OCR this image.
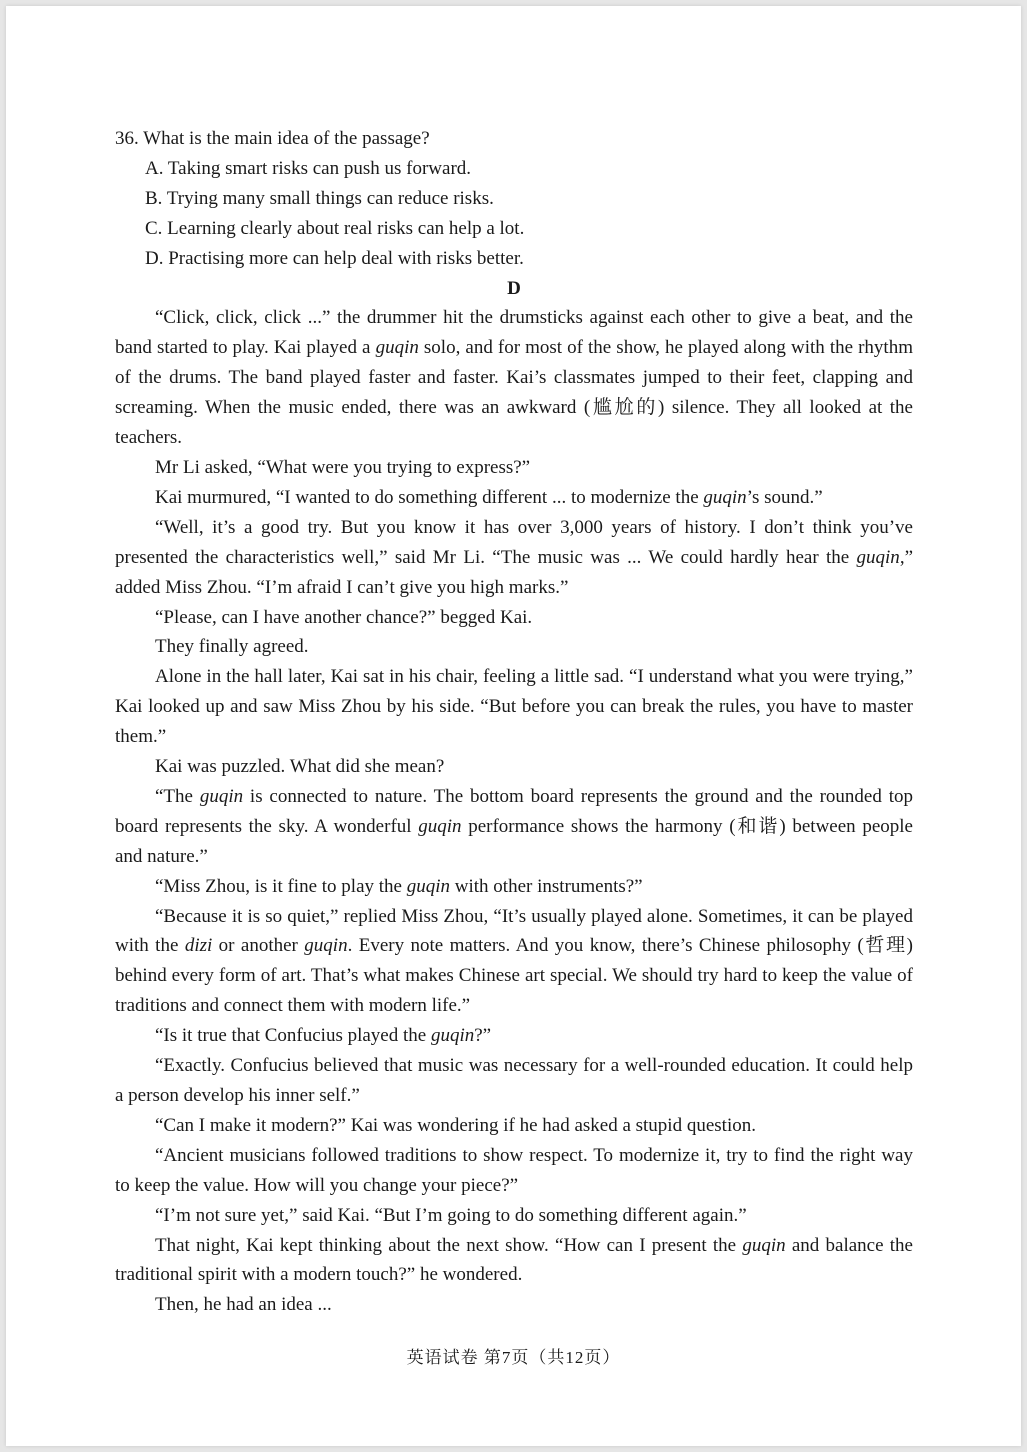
36. What is the main idea of the passage?

A. Taking smart risks can push us forward.
B. Trying many small things can reduce risks.
C. Learning clearly about real risks can help a lot.
D. Practising more can help deal with risks better.

D

“Click, click, click ...” the drummer hit the drumsticks against each other to give a beat, and the band started to play. Kai played a guqin solo, and for most of the show, he played along with the rhythm of the drums. The band played faster and faster. Kai’s classmates jumped to their feet, clapping and screaming. When the music ended, there was an awkward (尴尬的) silence. They all looked at the teachers.

Mr Li asked, “What were you trying to express?”

Kai murmured, “I wanted to do something different ... to modernize the guqin’s sound.”

“Well, it’s a good try. But you know it has over 3,000 years of history. I don’t think you’ve presented the characteristics well,” said Mr Li. “The music was ... We could hardly hear the guqin,” added Miss Zhou. “I’m afraid I can’t give you high marks.”

“Please, can I have another chance?” begged Kai.

They finally agreed.

Alone in the hall later, Kai sat in his chair, feeling a little sad. “I understand what you were trying,” Kai looked up and saw Miss Zhou by his side. “But before you can break the rules, you have to master them.”

Kai was puzzled. What did she mean?

“The guqin is connected to nature. The bottom board represents the ground and the rounded top board represents the sky. A wonderful guqin performance shows the harmony (和谐) between people and nature.”

“Miss Zhou, is it fine to play the guqin with other instruments?”

“Because it is so quiet,” replied Miss Zhou, “It’s usually played alone. Sometimes, it can be played with the dizi or another guqin. Every note matters. And you know, there’s Chinese philosophy (哲理) behind every form of art. That’s what makes Chinese art special. We should try hard to keep the value of traditions and connect them with modern life.”

“Is it true that Confucius played the guqin?”

“Exactly. Confucius believed that music was necessary for a well-rounded education. It could help a person develop his inner self.”

“Can I make it modern?” Kai was wondering if he had asked a stupid question.

“Ancient musicians followed traditions to show respect. To modernize it, try to find the right way to keep the value. How will you change your piece?”

“I’m not sure yet,” said Kai. “But I’m going to do something different again.”

That night, Kai kept thinking about the next show. “How can I present the guqin and balance the traditional spirit with a modern touch?” he wondered.

Then, he had an idea ...

英语试卷 第7页（共12页）
